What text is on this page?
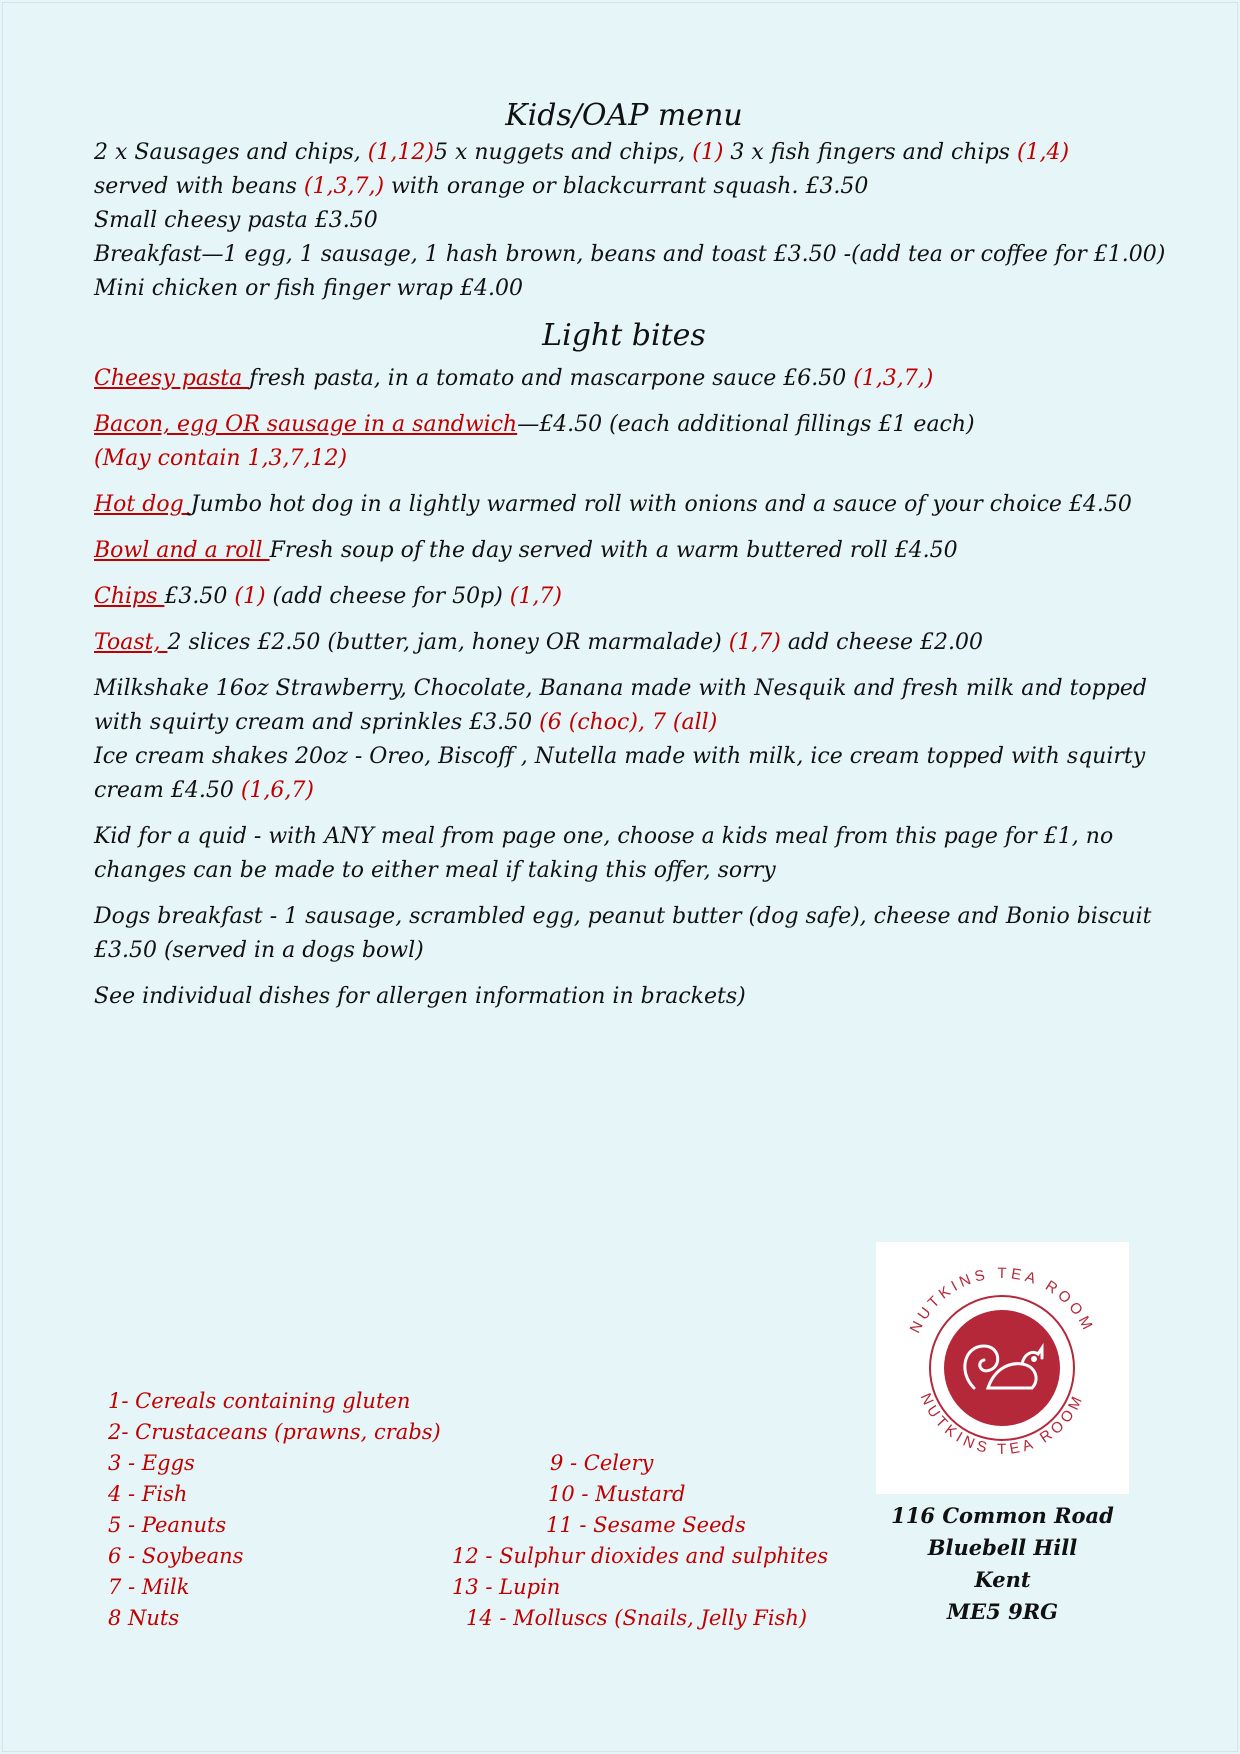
Kids/OAP menu
2 x Sausages and chips, (1,12)5 x nuggets and chips, (1) 3 x fish fingers and chips (1,4)
served with beans (1,3,7,) with orange or blackcurrant squash. £3.50
Small cheesy pasta £3.50
Breakfast—1 egg, 1 sausage, 1 hash brown, beans and toast £3.50 -(add tea or coffee for £1.00)
Mini chicken or fish finger wrap £4.00
Light bites
Cheesy pasta fresh pasta, in a tomato and mascarpone sauce £6.50 (1,3,7,)
Bacon, egg OR sausage in a sandwich—£4.50 (each additional fillings £1 each)
(May contain 1,3,7,12)
Hot dog Jumbo hot dog in a lightly warmed roll with onions and a sauce of your choice £4.50
Bowl and a roll Fresh soup of the day served with a warm buttered roll £4.50
Chips £3.50 (1) (add cheese for 50p) (1,7)
Toast, 2 slices £2.50 (butter, jam, honey OR marmalade) (1,7) add cheese £2.00
Milkshake 16oz Strawberry, Chocolate, Banana made with Nesquik and fresh milk and topped
with squirty cream and sprinkles £3.50 (6 (choc), 7 (all)
Ice cream shakes 20oz - Oreo, Biscoff , Nutella made with milk, ice cream topped with squirty
cream £4.50 (1,6,7)
Kid for a quid - with ANY meal from page one, choose a kids meal from this page for £1, no
changes can be made to either meal if taking this offer, sorry
Dogs breakfast - 1 sausage, scrambled egg, peanut butter (dog safe), cheese and Bonio biscuit
£3.50 (served in a dogs bowl)
See individual dishes for allergen information in brackets)
1- Cereals containing gluten
2- Crustaceans (prawns, crabs)
3 - Eggs
4 - Fish
5 - Peanuts
6 - Soybeans
7 - Milk
8 Nuts
9 - Celery
10 - Mustard
11 - Sesame Seeds
12 - Sulphur dioxides and sulphites
13 - Lupin
14 - Molluscs (Snails, Jelly Fish)
NUTKINS TEA ROOM
NUTKINS TEA ROOM
116 Common Road
Bluebell Hill
Kent
ME5 9RG
